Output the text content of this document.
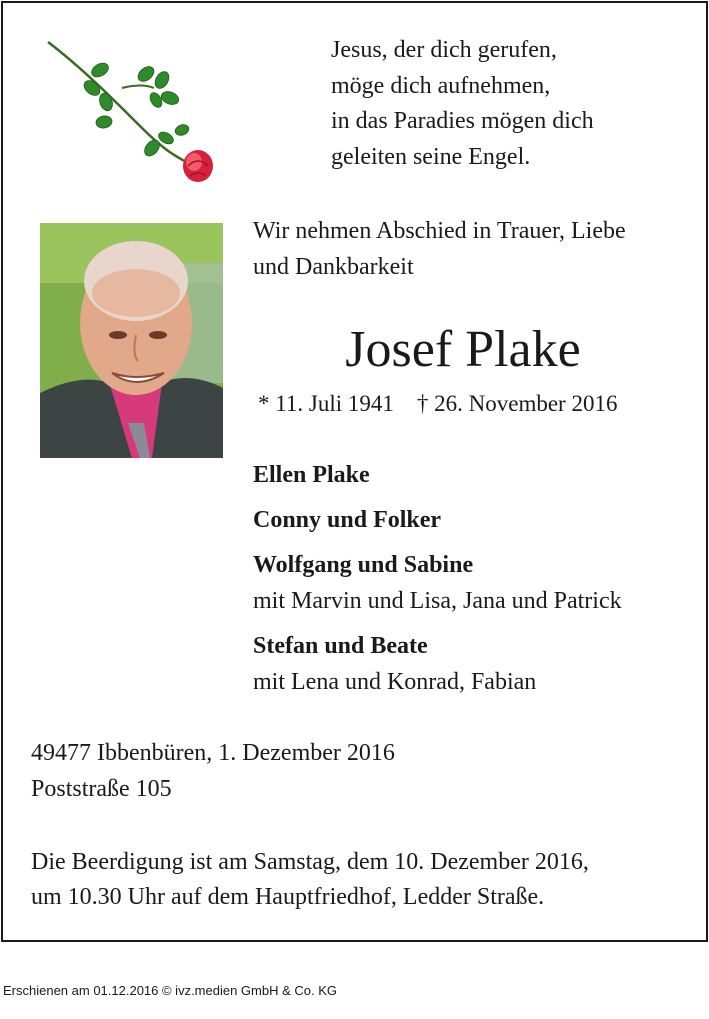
Jesus, der dich gerufen,
möge dich aufnehmen,
in das Paradies mögen dich
geleiten seine Engel.
Wir nehmen Abschied in Trauer, Liebe
und Dankbarkeit
Josef Plake
* 11. Juli 1941    † 26. November 2016
Ellen Plake
Conny und Folker
Wolfgang und Sabine
mit Marvin und Lisa, Jana und Patrick
Stefan und Beate
mit Lena und Konrad, Fabian
49477 Ibbenbüren, 1. Dezember 2016
Poststraße 105
Die Beerdigung ist am Samstag, dem 10. Dezember 2016,
um 10.30 Uhr auf dem Hauptfriedhof, Ledder Straße.
Erschienen am 01.12.2016 © ivz.medien GmbH & Co. KG
